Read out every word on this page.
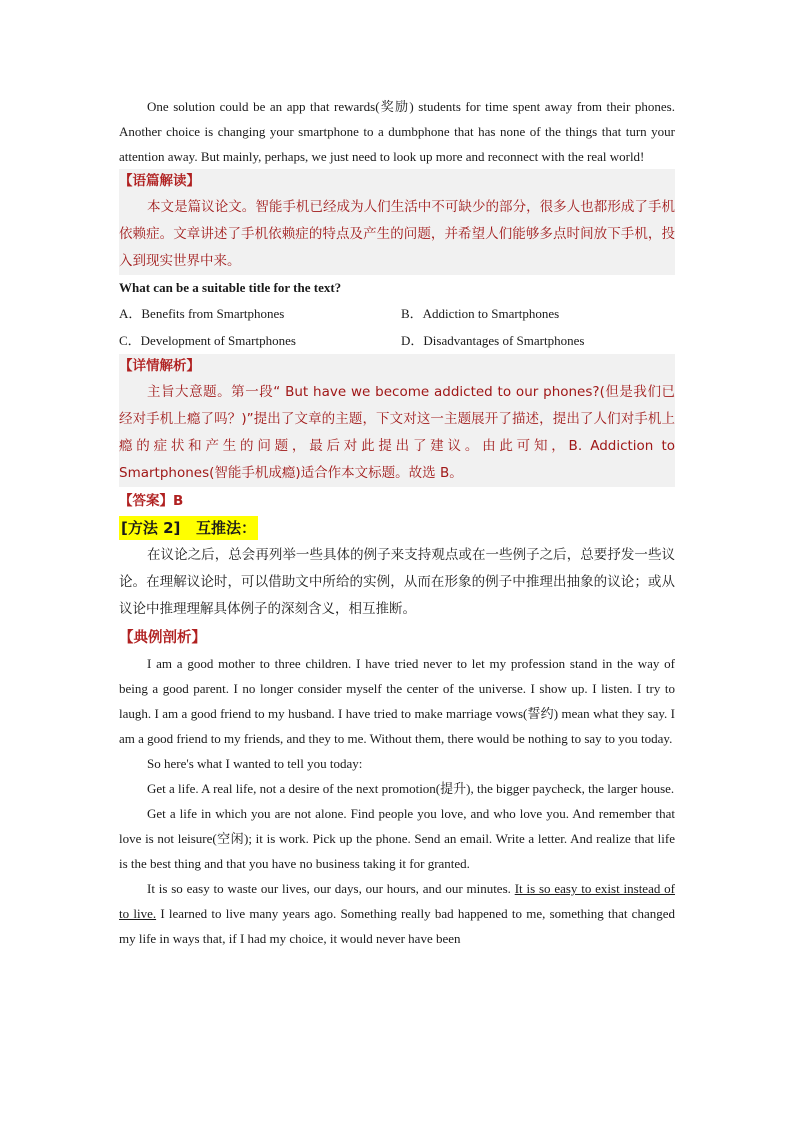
One solution could be an app that rewards(奖励) students for time spent away from their phones. Another choice is changing your smartphone to a dumbphone that has none of the things that turn your attention away. But mainly, perhaps, we just need to look up more and reconnect with the real world!

【语篇解读】

本文是篇议论文。智能手机已经成为人们生活中不可缺少的部分，很多人也都形成了手机依赖症。文章讲述了手机依赖症的特点及产生的问题，并希望人们能够多点时间放下手机，投入到现实世界中来。

What can be a suitable title for the text?

A．Benefits from Smartphones	B．Addiction to Smartphones
C．Development of Smartphones	D．Disadvantages of Smartphones

【详情解析】

主旨大意题。第一段“ But have we become addicted to our phones?(但是我们已经对手机上瘾了吗？)”提出了文章的主题，下文对这一主题展开了描述，提出了人们对手机上瘾的症状和产生的问题，最后对此提出了建议。由此可知，B. Addiction to Smartphones(智能手机成瘾)适合作本文标题。故选 B。

【答案】B

[方法 2]   互推法：

在议论之后，总会再列举一些具体的例子来支持观点或在一些例子之后，总要抒发一些议论。在理解议论时，可以借助文中所给的实例，从而在形象的例子中推理出抽象的议论；或从议论中推理理解具体例子的深刻含义，相互推断。

【典例剖析】

I am a good mother to three children. I have tried never to let my profession stand in the way of being a good parent. I no longer consider myself the center of the universe. I show up. I listen. I try to laugh. I am a good friend to my husband. I have tried to make marriage vows(誓约) mean what they say. I am a good friend to my friends, and they to me. Without them, there would be nothing to say to you today.

So here's what I wanted to tell you today:

Get a life. A real life, not a desire of the next promotion(提升), the bigger paycheck, the larger house.

Get a life in which you are not alone. Find people you love, and who love you. And remember that love is not leisure(空闲); it is work. Pick up the phone. Send an email. Write a letter. And realize that life is the best thing and that you have no business taking it for granted.

It is so easy to waste our lives, our days, our hours, and our minutes. It is so easy to exist instead of to live. I learned to live many years ago. Something really bad happened to me, something that changed my life in ways that, if I had my choice, it would never have been
